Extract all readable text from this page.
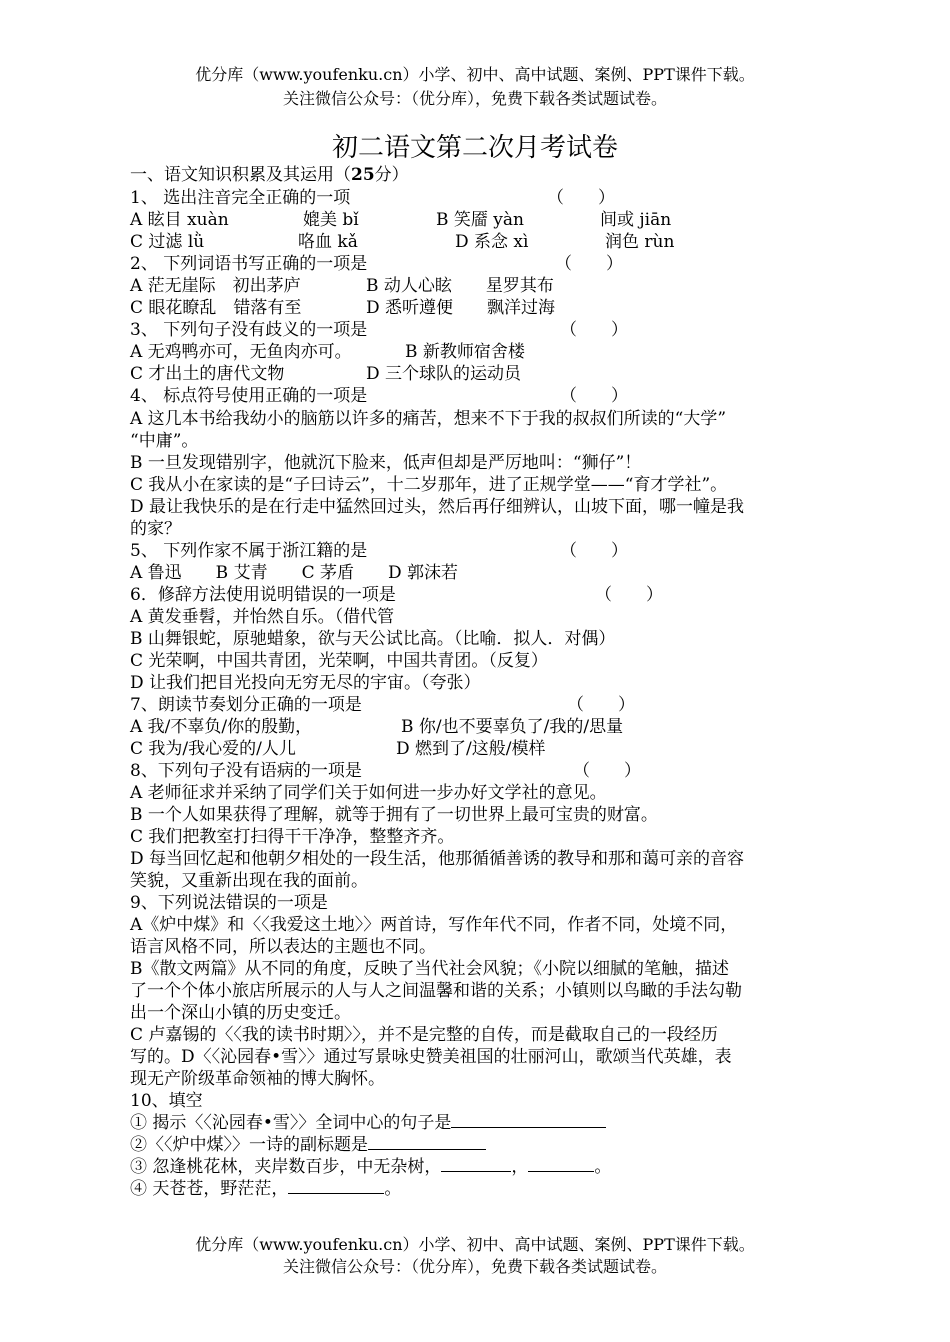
优分库（www.youfenku.cn）小学、初中、高中试题、案例、PPT课件下载。
关注微信公众号：（优分库），免费下载各类试题试卷。
初二语文第二次月考试卷
一、语文知识积累及其运用（25分）
1、 选出注音完全正确的一项	（　　）
A 眩目 xuàn	媲美 bǐ	B 笑靥 yàn	间或 jiān
C 过滤 lǜ	咯血 kǎ	D 系念 xì	润色 rùn
2、 下列词语书写正确的一项是	（　　）
A 茫无崖际　初出茅庐	B 动人心眩　　星罗其布
C 眼花瞭乱　错落有至	D 悉听遵便　　飘洋过海
3、 下列句子没有歧义的一项是	（　　）
A 无鸡鸭亦可，无鱼肉亦可。	B 新教师宿舍楼
C 才出土的唐代文物	D 三个球队的运动员
4、 标点符号使用正确的一项是	（　　）
A 这几本书给我幼小的脑筋以许多的痛苦，想来不下于我的叔叔们所读的“大学”
“中庸”。
B 一旦发现错别字，他就沉下脸来，低声但却是严厉地叫：“狮仔”！
C 我从小在家读的是“子曰诗云”，十二岁那年，进了正规学堂——“育才学社”。
D 最让我快乐的是在行走中猛然回过头，然后再仔细辨认，山坡下面，哪一幢是我
的家？
5、 下列作家不属于浙江籍的是	（　　）
A 鲁迅　　B 艾青　　C 茅盾　　D 郭沫若
6．修辞方法使用说明错误的一项是	（　　）
A 黄发垂髫，并怡然自乐。（借代管
B 山舞银蛇，原驰蜡象，欲与天公试比高。（比喻．拟人．对偶）
C 光荣啊，中国共青团，光荣啊，中国共青团。（反复）
D 让我们把目光投向无穷无尽的宇宙。（夸张）
7、朗读节奏划分正确的一项是	（　　）
A 我/不辜负/你的殷勤，	B 你/也不要辜负了/我的/思量
C 我为/我心爱的/人儿	D 燃到了/这般/模样
8、下列句子没有语病的一项是	（　　）
A 老师征求并采纳了同学们关于如何进一步办好文学社的意见。
B 一个人如果获得了理解，就等于拥有了一切世界上最可宝贵的财富。
C 我们把教室打扫得干干净净，整整齐齐。
D 每当回忆起和他朝夕相处的一段生活，他那循循善诱的教导和那和蔼可亲的音容
笑貌，又重新出现在我的面前。
9、下列说法错误的一项是
A《炉中煤》和〈〈我爱这土地〉〉两首诗，写作年代不同，作者不同，处境不同，
语言风格不同，所以表达的主题也不同。
B《散文两篇》从不同的角度，反映了当代社会风貌；《小院以细腻的笔触，描述
了一个个体小旅店所展示的人与人之间温馨和谐的关系；小镇则以鸟瞰的手法勾勒
出一个深山小镇的历史变迁。
C 卢嘉锡的〈〈我的读书时期〉〉，并不是完整的自传，而是截取自己的一段经历
写的。D〈〈沁园春•雪〉〉通过写景咏史赞美祖国的壮丽河山，歌颂当代英雄，表
现无产阶级革命领袖的博大胸怀。
10、填空
① 揭示〈〈沁园春•雪〉〉全词中心的句子是
②〈〈炉中煤〉〉一诗的副标题是
③ 忽逢桃花林，夹岸数百步，中无杂树，	，	。
④ 天苍苍，野茫茫，	。
优分库（www.youfenku.cn）小学、初中、高中试题、案例、PPT课件下载。
关注微信公众号：（优分库），免费下载各类试题试卷。
